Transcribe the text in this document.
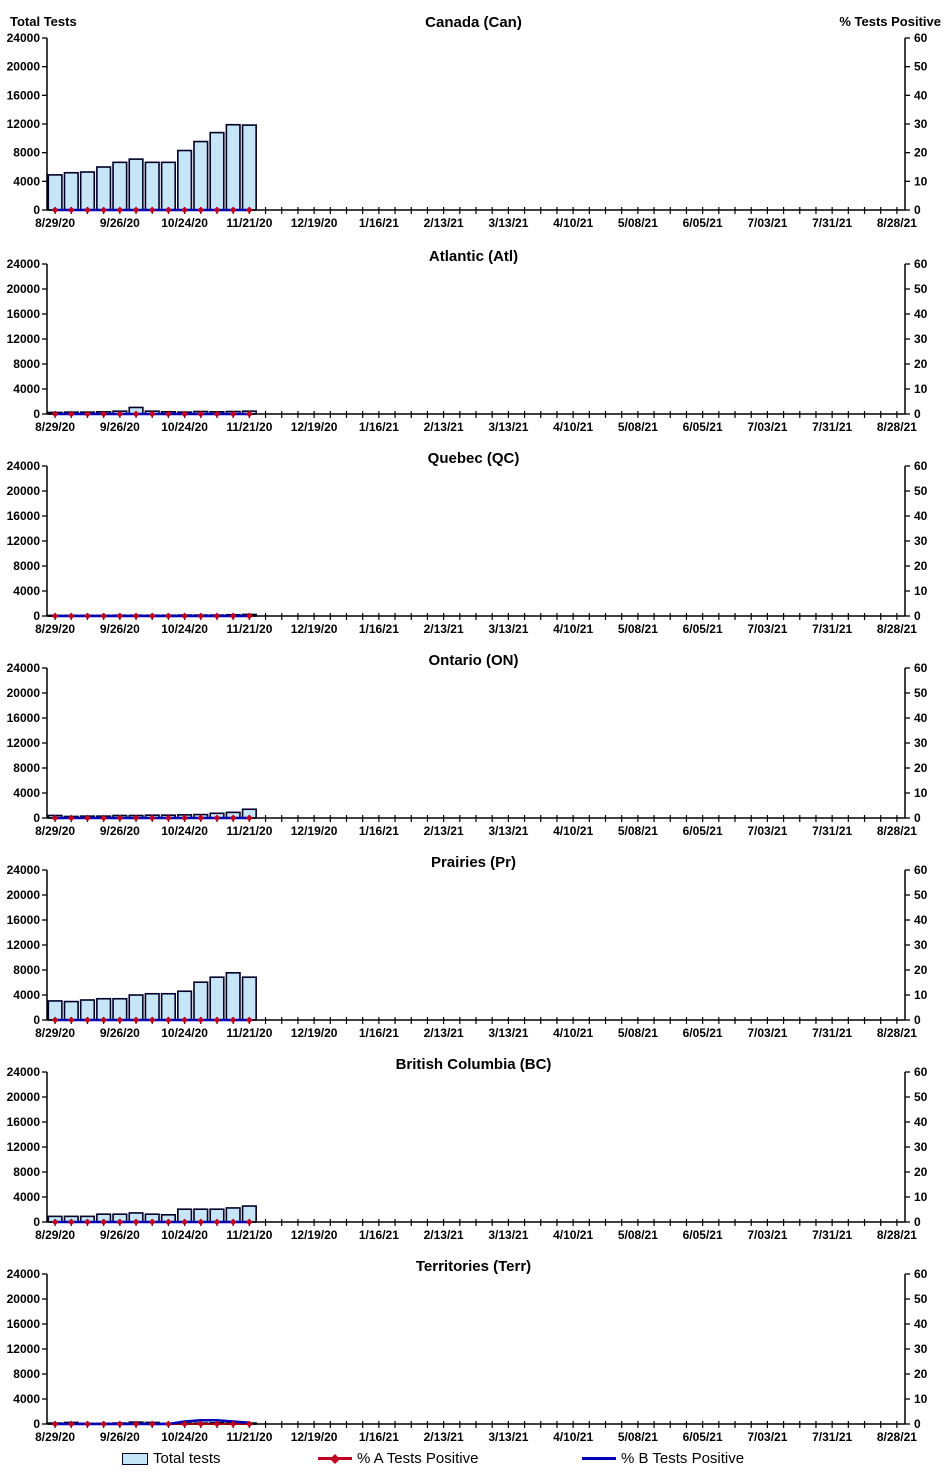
0
4000
8000
12000
16000
20000
24000
0
10
20
30
40
50
60
8/29/20 9/26/20 10/24/20 11/21/20 12/19/20 1/16/21 2/13/21 3/13/21 4/10/21 5/08/21 6/05/21 7/03/21 7/31/21 8/28/21
Total Tests	Canada (Can)	% Tests Positive
0
4000
8000
12000
16000
20000
24000
0
10
20
30
40
50
60
8/29/20 9/26/20 10/24/20 11/21/20 12/19/20 1/16/21 2/13/21 3/13/21 4/10/21 5/08/21 6/05/21 7/03/21 7/31/21 8/28/21
Atlantic (Atl)
0
4000
8000
12000
16000
20000
24000
0
10
20
30
40
50
60
8/29/20 9/26/20 10/24/20 11/21/20 12/19/20 1/16/21 2/13/21 3/13/21 4/10/21 5/08/21 6/05/21 7/03/21 7/31/21 8/28/21
Quebec (QC)
0
4000
8000
12000
16000
20000
24000
0
10
20
30
40
50
60
8/29/20 9/26/20 10/24/20 11/21/20 12/19/20 1/16/21 2/13/21 3/13/21 4/10/21 5/08/21 6/05/21 7/03/21 7/31/21 8/28/21
Ontario (ON)
0
4000
8000
12000
16000
20000
24000
0
10
20
30
40
50
60
8/29/20 9/26/20 10/24/20 11/21/20 12/19/20 1/16/21 2/13/21 3/13/21 4/10/21 5/08/21 6/05/21 7/03/21 7/31/21 8/28/21
Prairies (Pr)
0
4000
8000
12000
16000
20000
24000
0
10
20
30
40
50
60
8/29/20 9/26/20 10/24/20 11/21/20 12/19/20 1/16/21 2/13/21 3/13/21 4/10/21 5/08/21 6/05/21 7/03/21 7/31/21 8/28/21
British Columbia (BC)
0
4000
8000
12000
16000
20000
24000
0
10
20
30
40
50
60
8/29/20 9/26/20 10/24/20 11/21/20 12/19/20 1/16/21 2/13/21 3/13/21 4/10/21 5/08/21 6/05/21 7/03/21 7/31/21 8/28/21
Territories (Terr)
Total tests	% A Tests Positive	% B Tests Positive
